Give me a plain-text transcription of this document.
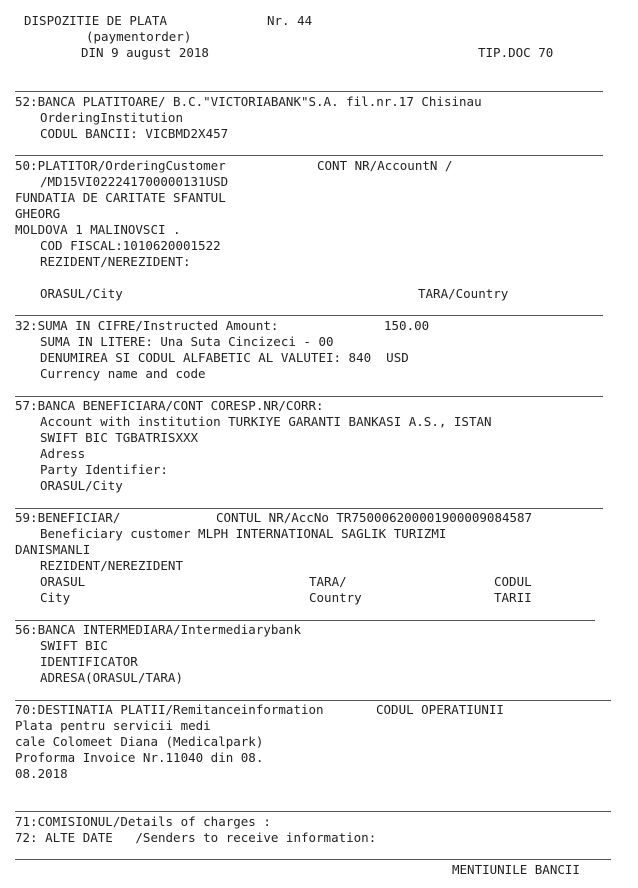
DISPOZITIE DE PLATA	Nr. 44
(paymentorder)
DIN 9 august 2018	TIP.DOC 70
52:BANCA PLATITOARE/ B.C."VICTORIABANK"S.A. fil.nr.17 Chisinau
OrderingInstitution
CODUL BANCII: VICBMD2X457
50:PLATITOR/OrderingCustomer	CONT NR/AccountN /
/MD15VI022241700000131USD
FUNDATIA DE CARITATE SFANTUL
GHEORG
MOLDOVA 1 MALINOVSCI .
COD FISCAL:1010620001522
REZIDENT/NEREZIDENT:
ORASUL/City	TARA/Country
32:SUMA IN CIFRE/Instructed Amount:	150.00
SUMA IN LITERE: Una Suta Cincizeci - 00
DENUMIREA SI CODUL ALFABETIC AL VALUTEI: 840  USD
Currency name and code
57:BANCA BENEFICIARA/CONT CORESP.NR/CORR:
Account with institution TURKIYE GARANTI BANKASI A.S., ISTAN
SWIFT BIC TGBATRISXXX
Adress
Party Identifier:
ORASUL/City
59:BENEFICIAR/	CONTUL NR/AccNo TR750006200001900009084587
Beneficiary customer MLPH INTERNATIONAL SAGLIK TURIZMI
DANISMANLI
REZIDENT/NEREZIDENT
ORASUL	TARA/	CODUL
City	Country	TARII
56:BANCA INTERMEDIARA/Intermediarybank
SWIFT BIC
IDENTIFICATOR
ADRESA(ORASUL/TARA)
70:DESTINATIA PLATII/Remitanceinformation	CODUL OPERATIUNII
Plata pentru servicii medi
cale Colomeet Diana (Medicalpark)
Proforma Invoice Nr.11040 din 08.
08.2018
71:COMISIONUL/Details of charges :
72: ALTE DATE   /Senders to receive information:
MENTIUNILE BANCII
